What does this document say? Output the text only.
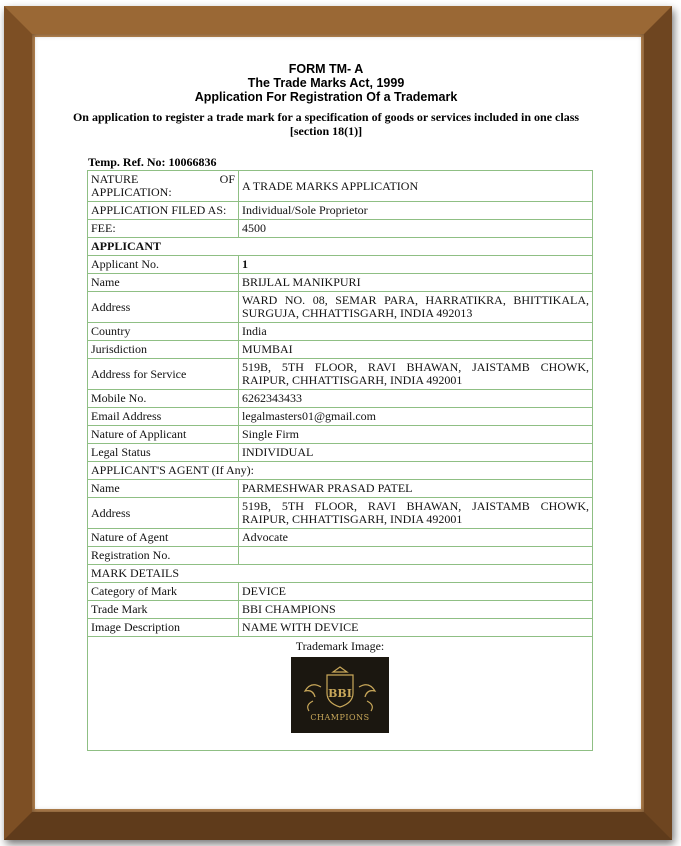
FORM TM- A
The Trade Marks Act, 1999
Application For Registration Of a Trademark
On application to register a trade mark for a specification of goods or services included in one class [section 18(1)]
Temp. Ref. No: 10066836
NATURE OF APPLICATION:	A TRADE MARKS APPLICATION
APPLICATION FILED AS:	Individual/Sole Proprietor
FEE:	4500
APPLICANT	
Applicant No.	1
Name	BRIJLAL MANIKPURI
Address	WARD NO. 08, SEMAR PARA, HARRATIKRA, BHITTIKALA, SURGUJA, CHHATTISGARH, INDIA 492013
Country	India
Jurisdiction	MUMBAI
Address for Service	519B, 5TH FLOOR, RAVI BHAWAN, JAISTAMB CHOWK, RAIPUR, CHHATTISGARH, INDIA 492001
Mobile No.	6262343433
Email Address	legalmasters01@gmail.com
Nature of Applicant	Single Firm
Legal Status	INDIVIDUAL
APPLICANT'S AGENT (If Any):	
Name	PARMESHWAR PRASAD PATEL
Address	519B, 5TH FLOOR, RAVI BHAWAN, JAISTAMB CHOWK, RAIPUR, CHHATTISGARH, INDIA 492001
Nature of Agent	Advocate
Registration No.	
MARK DETAILS	
Category of Mark	DEVICE
Trade Mark	BBI CHAMPIONS
Image Description	NAME WITH DEVICE

Trademark Image:
BBI
CHAMPIONS	
